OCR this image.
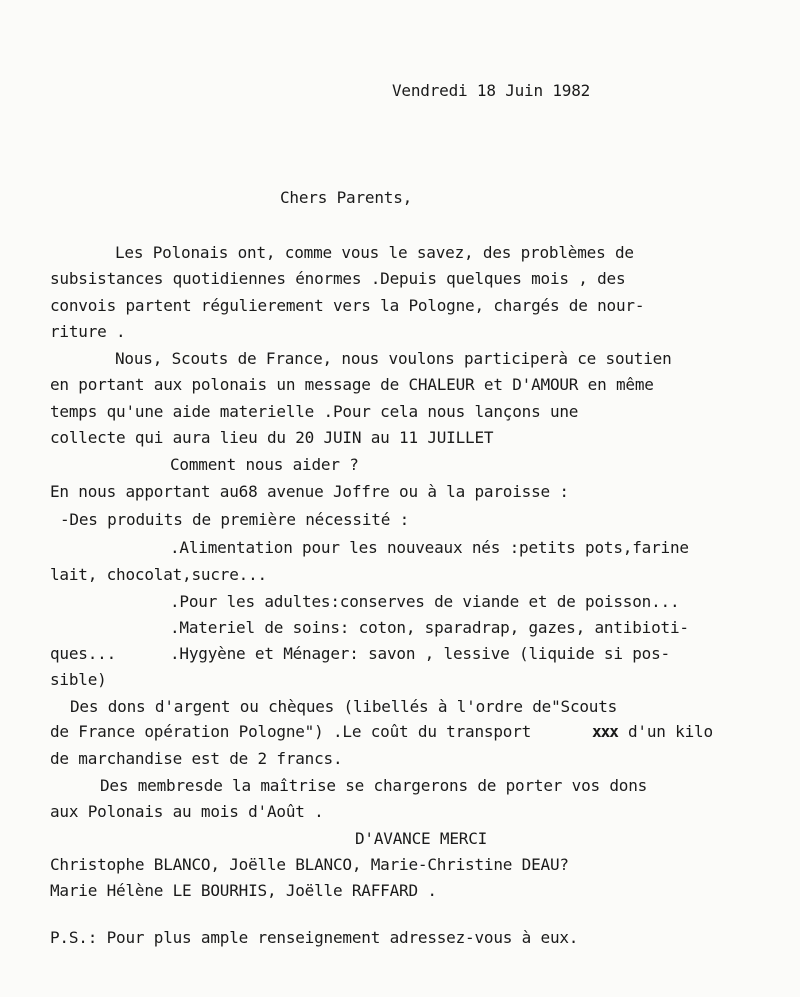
Vendredi 18 Juin 1982
Chers Parents,
Les Polonais ont, comme vous le savez, des problèmes de
subsistances quotidiennes énormes .Depuis quelques mois , des
convois partent régulierement vers la Pologne, chargés de nour-
riture .
Nous, Scouts de France, nous voulons participerà ce soutien
en portant aux polonais un message de CHALEUR et D'AMOUR en même
temps qu'une aide materielle .Pour cela nous lançons une
collecte qui aura lieu du 20 JUIN au 11 JUILLET
Comment nous aider ?
En nous apportant au68 avenue Joffre ou à la paroisse :
-Des produits de première nécessité :
.Alimentation pour les nouveaux nés :petits pots,farine
lait, chocolat,sucre...
.Pour les adultes:conserves de viande et de poisson...
.Materiel de soins: coton, sparadrap, gazes, antibioti-
ques...	.Hygyène et Ménager: savon , lessive (liquide si pos-
sible)
Des dons d'argent ou chèques (libellés à l'ordre de"Scouts
de France opération Pologne") .Le coût du transport	xxx d'un kilo
de marchandise est de 2 francs.
Des membresde la maîtrise se chargerons de porter vos dons
aux Polonais au mois d'Août .
D'AVANCE MERCI
Christophe BLANCO, Joëlle BLANCO, Marie-Christine DEAU?
Marie Hélène LE BOURHIS, Joëlle RAFFARD .
P.S.: Pour plus ample renseignement adressez-vous à eux.
